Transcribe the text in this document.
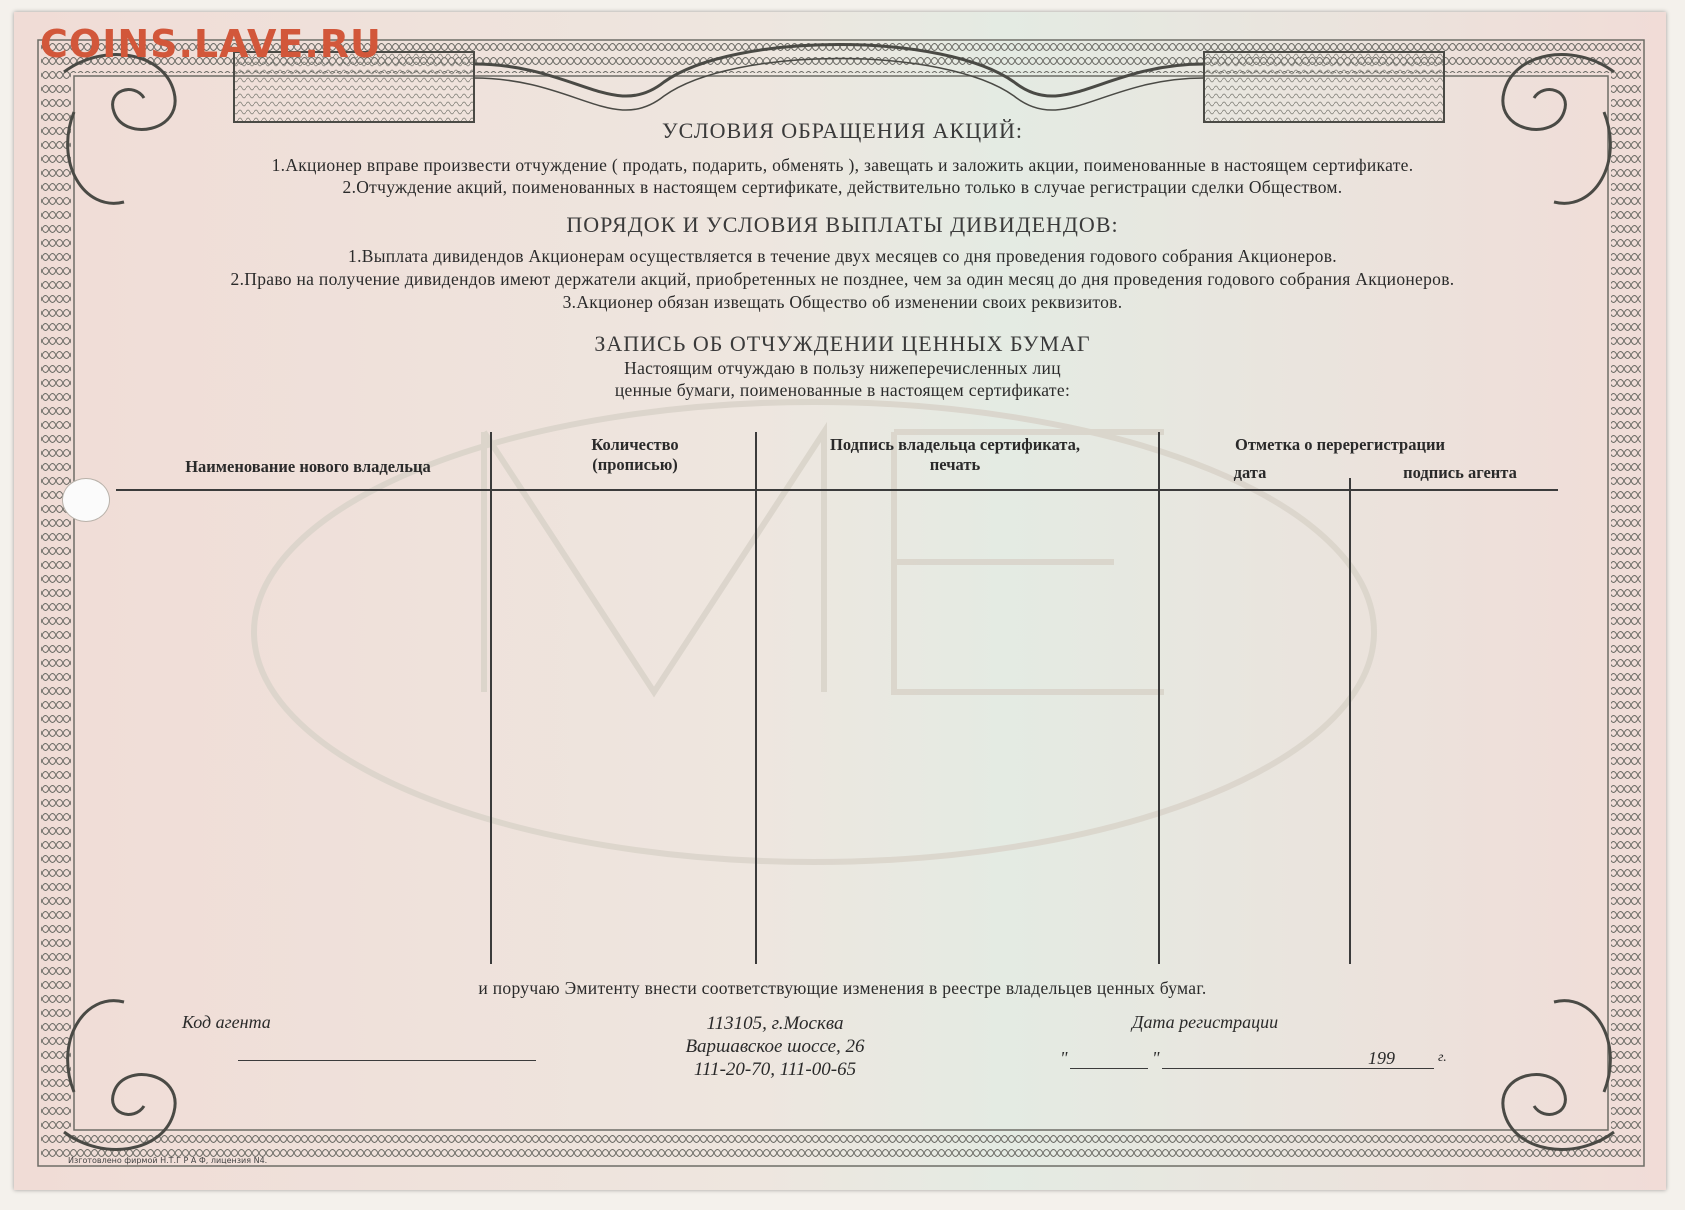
COINS.LAVE.RU
УСЛОВИЯ ОБРАЩЕНИЯ АКЦИЙ:
1.Акционер вправе произвести отчуждение ( продать, подарить, обменять ), завещать и заложить акции, поименованные в настоящем сертификате.
2.Отчуждение акций, поименованных в настоящем сертификате, действительно только в случае регистрации сделки Обществом.
ПОРЯДОК И УСЛОВИЯ ВЫПЛАТЫ ДИВИДЕНДОВ:
1.Выплата дивидендов Акционерам осуществляется в течение двух месяцев со дня проведения годового собрания Акционеров.
2.Право на получение дивидендов имеют держатели акций, приобретенных не позднее, чем за один месяц до дня проведения годового собрания Акционеров.
3.Акционер обязан извещать Общество об изменении своих реквизитов.
ЗАПИСЬ ОБ ОТЧУЖДЕНИИ ЦЕННЫХ БУМАГ
Настоящим отчуждаю в пользу нижеперечисленных лиц
ценные бумаги, поименованные в настоящем сертификате:
Наименование нового владельца
Количество
(прописью)
Подпись владельца сертификата,
печать
Отметка о перерегистрации
дата	подпись агента
и поручаю Эмитенту внести соответствующие изменения в реестре владельцев ценных бумаг.
Код агента	113105, г.Москва
Варшавское шоссе, 26
111-20-70, 111-00-65
Дата регистрации
"	"	199	г.
Изготовлено фирмой Н.Т.Г Р А Ф, лицензия N4.
